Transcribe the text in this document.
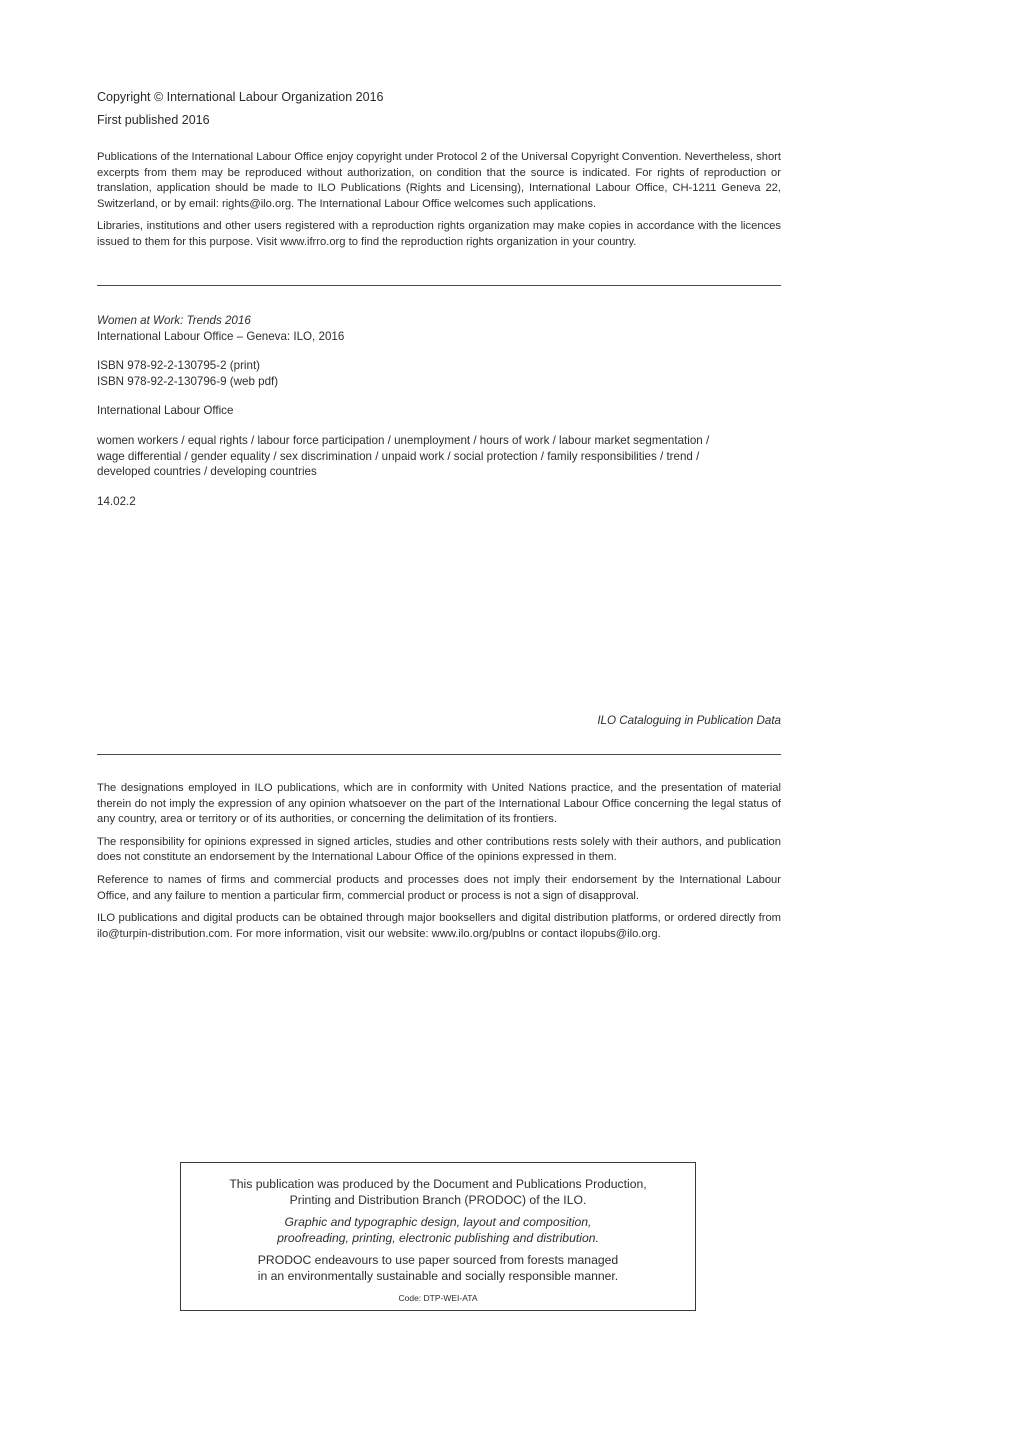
Copyright © International Labour Organization 2016
First published 2016

Publications of the International Labour Office enjoy copyright under Protocol 2 of the Universal Copyright Convention. Nevertheless, short excerpts from them may be reproduced without authorization, on condition that the source is indicated. For rights of reproduction or translation, application should be made to ILO Publications (Rights and Licensing), International Labour Office, CH-1211 Geneva 22, Switzerland, or by email: rights@ilo.org. The International Labour Office welcomes such applications.

Libraries, institutions and other users registered with a reproduction rights organization may make copies in accordance with the licences issued to them for this purpose. Visit www.ifrro.org to find the reproduction rights organization in your country.

Women at Work: Trends 2016
International Labour Office – Geneva: ILO, 2016
ISBN 978-92-2-130795-2 (print)
ISBN 978-92-2-130796-9 (web pdf)
International Labour Office
women workers / equal rights / labour force participation / unemployment / hours of work / labour market segmentation /
wage differential / gender equality / sex discrimination / unpaid work / social protection / family responsibilities / trend /
developed countries / developing countries
14.02.2
ILO Cataloguing in Publication Data

The designations employed in ILO publications, which are in conformity with United Nations practice, and the presentation of material therein do not imply the expression of any opinion whatsoever on the part of the International Labour Office concerning the legal status of any country, area or territory or of its authorities, or concerning the delimitation of its frontiers.

The responsibility for opinions expressed in signed articles, studies and other contributions rests solely with their authors, and publication does not constitute an endorsement by the International Labour Office of the opinions expressed in them.

Reference to names of firms and commercial products and processes does not imply their endorsement by the International Labour Office, and any failure to mention a particular firm, commercial product or process is not a sign of disapproval.

ILO publications and digital products can be obtained through major booksellers and digital distribution platforms, or ordered directly from ilo@turpin-distribution.com. For more information, visit our website: www.ilo.org/publns or contact ilopubs@ilo.org.

This publication was produced by the Document and Publications Production,
Printing and Distribution Branch (PRODOC) of the ILO.
Graphic and typographic design, layout and composition,
proofreading, printing, electronic publishing and distribution.
PRODOC endeavours to use paper sourced from forests managed
in an environmentally sustainable and socially responsible manner.
Code: DTP-WEI-ATA
